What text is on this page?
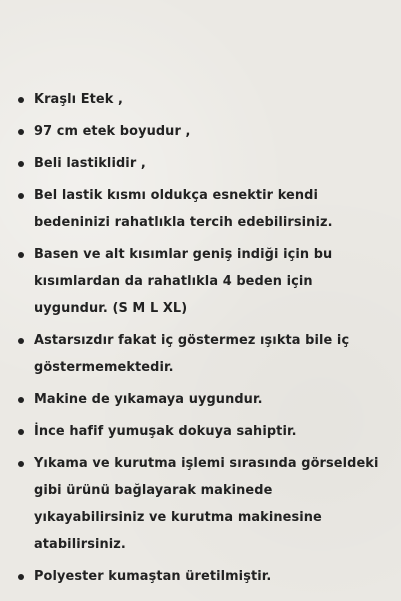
Kraşlı Etek ,
97 cm etek boyudur ,
Beli lastiklidir ,
Bel lastik kısmı oldukça esnektir kendi bedeninizi rahatlıkla tercih edebilirsiniz.
Basen ve alt kısımlar geniş indiği için bu kısımlardan da rahatlıkla 4 beden için uygundur. (S M L XL)
Astarsızdır fakat iç göstermez ışıkta bile iç göstermemektedir.
Makine de yıkamaya uygundur.
İnce hafif yumuşak dokuya sahiptir.
Yıkama ve kurutma işlemi sırasında görseldeki gibi ürünü bağlayarak makinede yıkayabilirsiniz ve kurutma makinesine atabilirsiniz.
Polyester kumaştan üretilmiştir.
